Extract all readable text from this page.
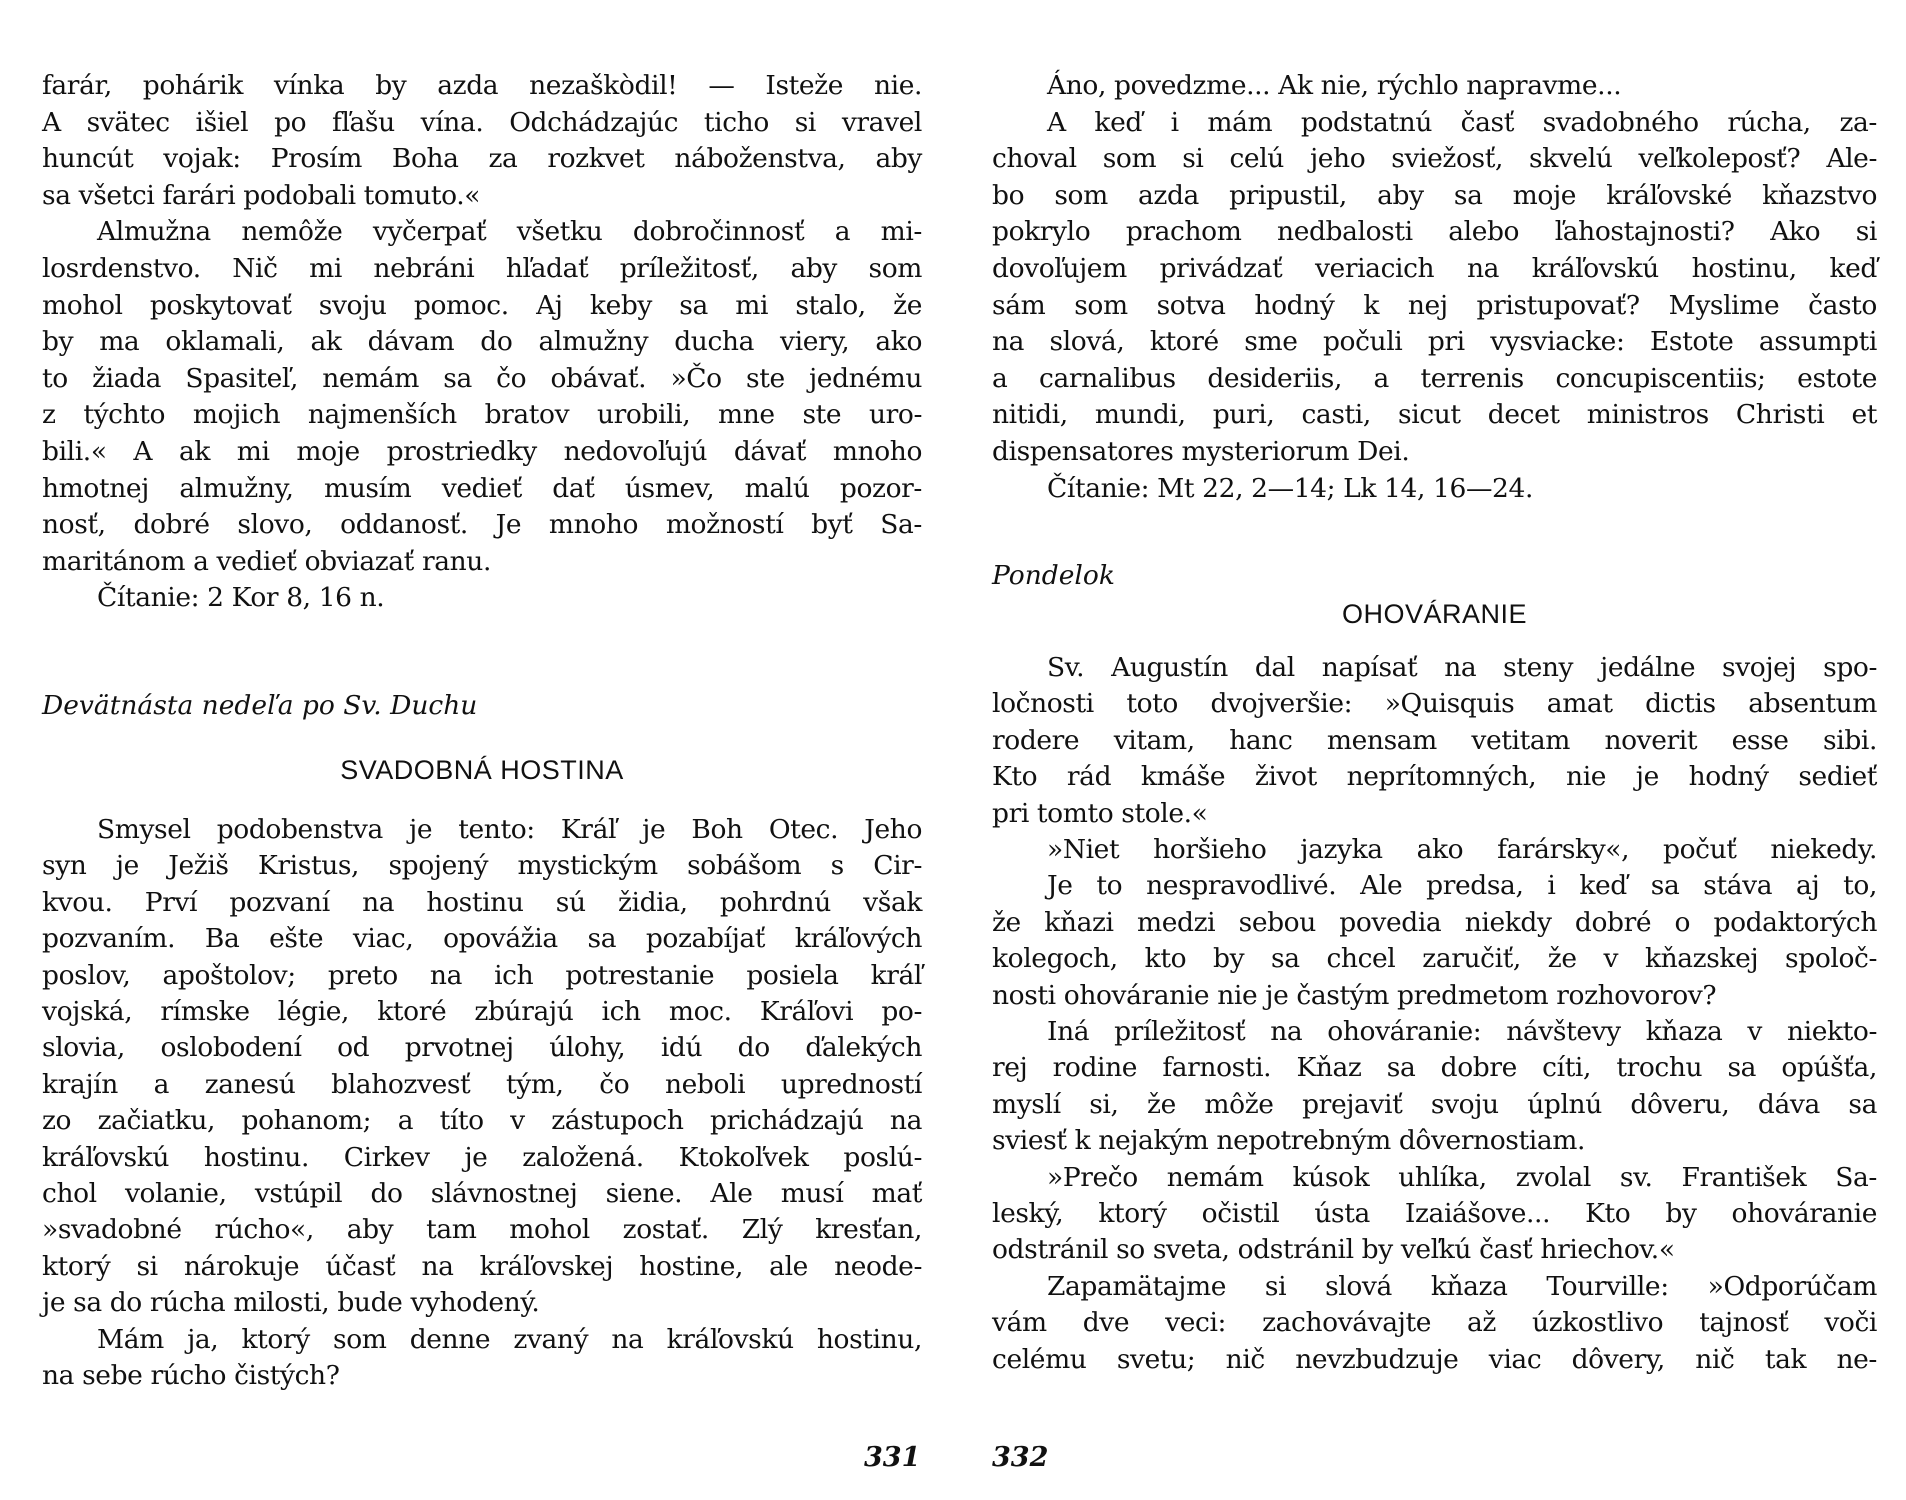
farár, pohárik vínka by azda nezaškòdil! — Isteže nie.
A svätec išiel po fľašu vína. Odchádzajúc ticho si vravel
huncút vojak: Prosím Boha za rozkvet náboženstva, aby
sa všetci farári podobali tomuto.«
Almužna nemôže vyčerpať všetku dobročinnosť a mi-
losrdenstvo. Nič mi nebráni hľadať príležitosť, aby som
mohol poskytovať svoju pomoc. Aj keby sa mi stalo, že
by ma oklamali, ak dávam do almužny ducha viery, ako
to žiada Spasiteľ, nemám sa čo obávať. »Čo ste jednému
z týchto mojich najmenších bratov urobili, mne ste uro-
bili.« A ak mi moje prostriedky nedovoľujú dávať mnoho
hmotnej almužny, musím vedieť dať úsmev, malú pozor-
nosť, dobré slovo, oddanosť. Je mnoho možností byť Sa-
maritánom a vedieť obviazať ranu.
Čítanie: 2 Kor 8, 16 n.
Devätnásta nedeľa po Sv. Duchu
SVADOBNÁ HOSTINA
Smysel podobenstva je tento: Kráľ je Boh Otec. Jeho
syn je Ježiš Kristus, spojený mystickým sobášom s Cir-
kvou. Prví pozvaní na hostinu sú židia, pohrdnú však
pozvaním. Ba ešte viac, opovážia sa pozabíjať kráľových
poslov, apoštolov; preto na ich potrestanie posiela kráľ
vojská, rímske légie, ktoré zbúrajú ich moc. Kráľovi po-
slovia, oslobodení od prvotnej úlohy, idú do ďalekých
krajín a zanesú blahozvesť tým, čo neboli upredností
zo začiatku, pohanom; a títo v zástupoch prichádzajú na
kráľovskú hostinu. Cirkev je založená. Ktokoľvek poslú-
chol volanie, vstúpil do slávnostnej siene. Ale musí mať
»svadobné rúcho«, aby tam mohol zostať. Zlý kresťan,
ktorý si nárokuje účasť na kráľovskej hostine, ale neode-
je sa do rúcha milosti, bude vyhodený.
Mám ja, ktorý som denne zvaný na kráľovskú hostinu,
na sebe rúcho čistých?
331
Áno, povedzme... Ak nie, rýchlo napravme...
A keď i mám podstatnú časť svadobného rúcha, za-
choval som si celú jeho sviežosť, skvelú veľkoleposť? Ale-
bo som azda pripustil, aby sa moje kráľovské kňazstvo
pokrylo prachom nedbalosti alebo ľahostajnosti? Ako si
dovoľujem privádzať veriacich na kráľovskú hostinu, keď
sám som sotva hodný k nej pristupovať? Myslime často
na slová, ktoré sme počuli pri vysviacke: Estote assumpti
a carnalibus desideriis, a terrenis concupiscentiis; estote
nitidi, mundi, puri, casti, sicut decet ministros Christi et
dispensatores mysteriorum Dei.
Čítanie: Mt 22, 2—14; Lk 14, 16—24.
Pondelok
OHOVÁRANIE
Sv. Augustín dal napísať na steny jedálne svojej spo-
ločnosti toto dvojveršie: »Quisquis amat dictis absentum
rodere vitam, hanc mensam vetitam noverit esse sibi.
Kto rád kmáše život neprítomných, nie je hodný sedieť
pri tomto stole.«
»Niet horšieho jazyka ako farársky«, počuť niekedy.
Je to nespravodlivé. Ale predsa, i keď sa stáva aj to,
že kňazi medzi sebou povedia niekdy dobré o podaktorých
kolegoch, kto by sa chcel zaručiť, že v kňazskej spoloč-
nosti ohováranie nie je častým predmetom rozhovorov?
Iná príležitosť na ohováranie: návštevy kňaza v niekto-
rej rodine farnosti. Kňaz sa dobre cíti, trochu sa opúšťa,
myslí si, že môže prejaviť svoju úplnú dôveru, dáva sa
sviesť k nejakým nepotrebným dôvernostiam.
»Prečo nemám kúsok uhlíka, zvolal sv. František Sa-
leský, ktorý očistil ústa Izaiášove... Kto by ohováranie
odstránil so sveta, odstránil by veľkú časť hriechov.«
Zapamätajme si slová kňaza Tourville: »Odporúčam
vám dve veci: zachovávajte až úzkostlivo tajnosť voči
celému svetu; nič nevzbudzuje viac dôvery, nič tak ne-
332
